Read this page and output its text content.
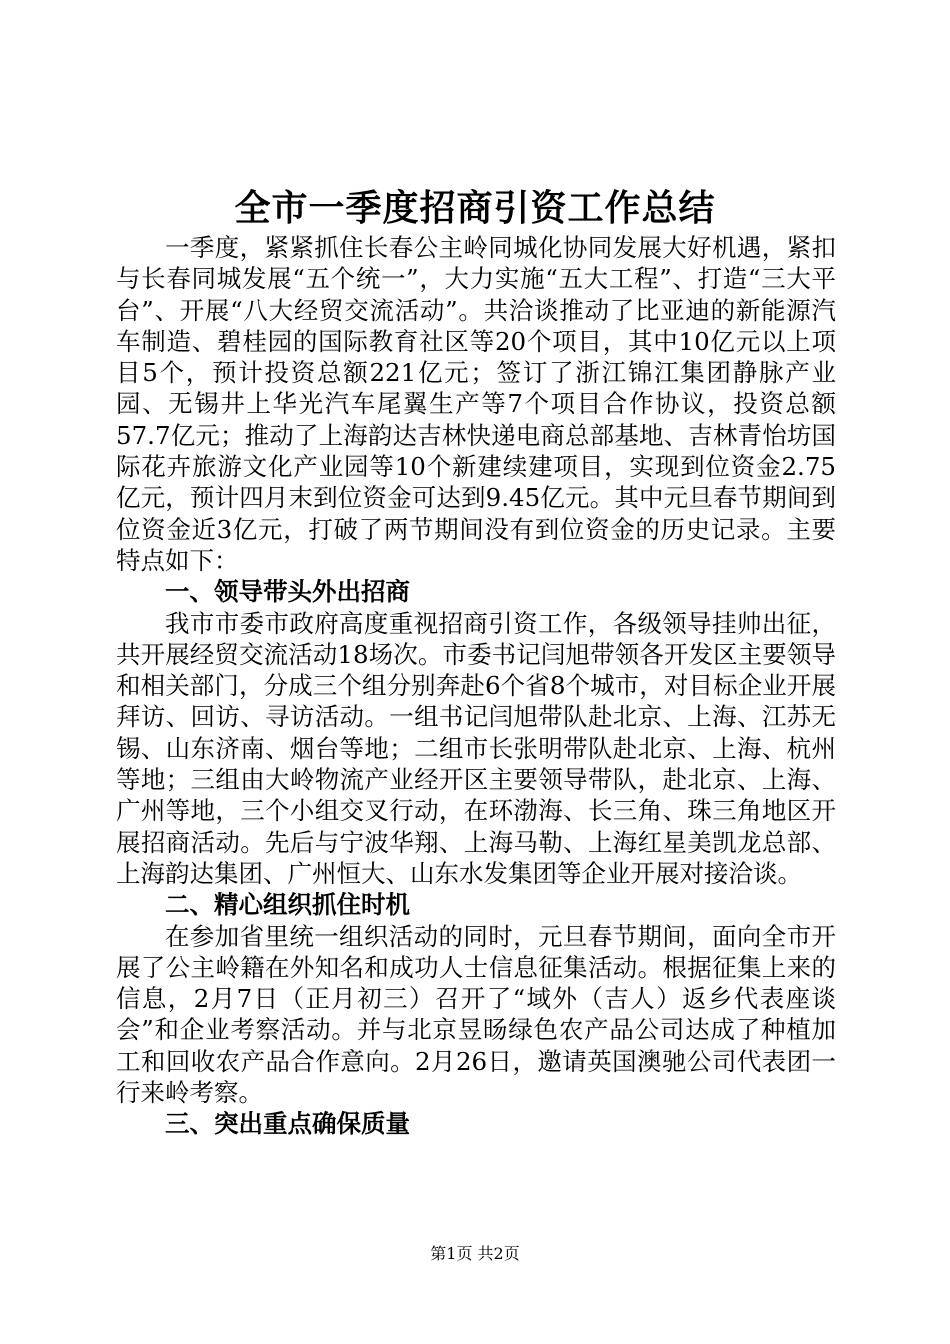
全市一季度招商引资工作总结

一季度，紧紧抓住长春公主岭同城化协同发展大好机遇，紧扣与长春同城发展“五个统一”，大力实施“五大工程”、打造“三大平台”、开展“八大经贸交流活动”。共洽谈推动了比亚迪的新能源汽车制造、碧桂园的国际教育社区等20个项目，其中10亿元以上项目5个，预计投资总额221亿元；签订了浙江锦江集团静脉产业园、无锡井上华光汽车尾翼生产等7个项目合作协议，投资总额57.7亿元；推动了上海韵达吉林快递电商总部基地、吉林青怡坊国际花卉旅游文化产业园等10个新建续建项目，实现到位资金2.75亿元，预计四月末到位资金可达到9.45亿元。其中元旦春节期间到位资金近3亿元，打破了两节期间没有到位资金的历史记录。主要特点如下：

一、领导带头外出招商

我市市委市政府高度重视招商引资工作，各级领导挂帅出征，共开展经贸交流活动18场次。市委书记闫旭带领各开发区主要领导和相关部门，分成三个组分别奔赴6个省8个城市，对目标企业开展拜访、回访、寻访活动。一组书记闫旭带队赴北京、上海、江苏无锡、山东济南、烟台等地；二组市长张明带队赴北京、上海、杭州等地；三组由大岭物流产业经开区主要领导带队，赴北京、上海、广州等地，三个小组交叉行动，在环渤海、长三角、珠三角地区开展招商活动。先后与宁波华翔、上海马勒、上海红星美凯龙总部、上海韵达集团、广州恒大、山东水发集团等企业开展对接洽谈。

二、精心组织抓住时机

在参加省里统一组织活动的同时，元旦春节期间，面向全市开展了公主岭籍在外知名和成功人士信息征集活动。根据征集上来的信息，2月7日（正月初三）召开了“域外（吉人）返乡代表座谈会”和企业考察活动。并与北京昱旸绿色农产品公司达成了种植加工和回收农产品合作意向。2月26日，邀请英国澳驰公司代表团一行来岭考察。

三、突出重点确保质量
第1页 共2页
